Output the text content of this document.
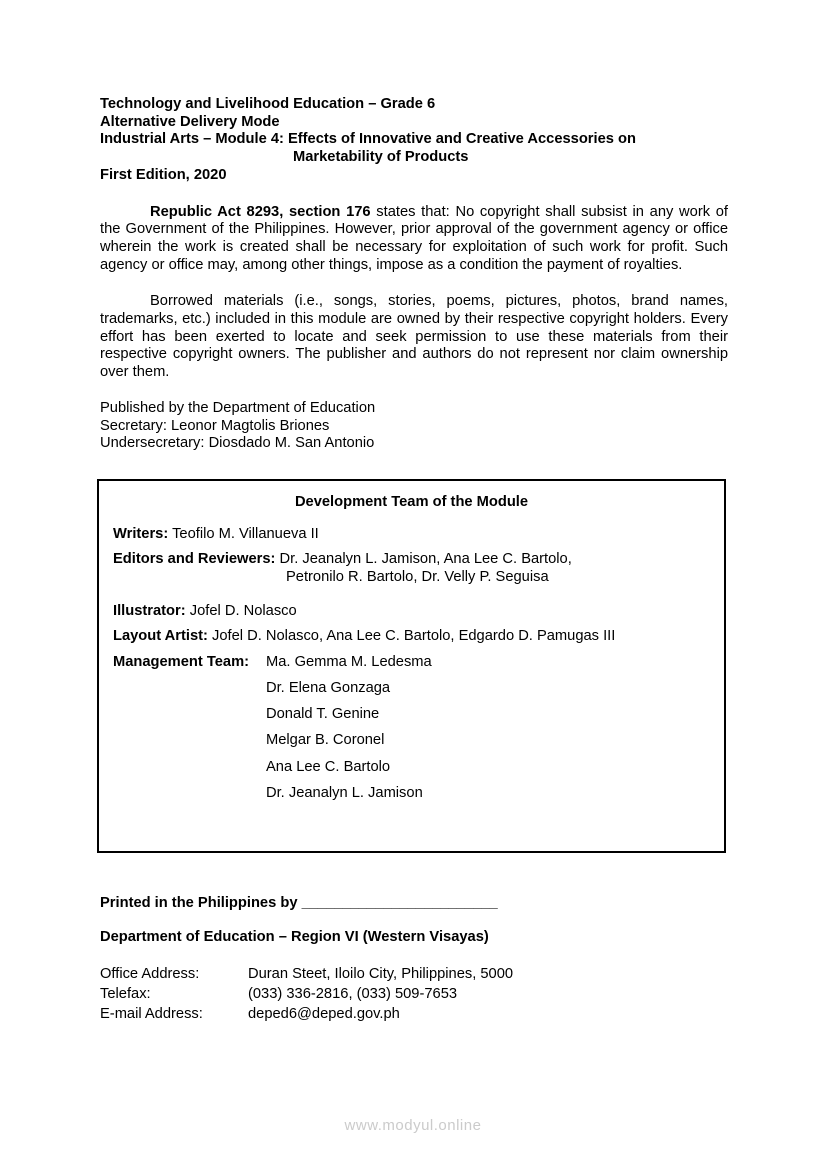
Technology and Livelihood Education – Grade 6
Alternative Delivery Mode
Industrial Arts – Module 4: Effects of Innovative and Creative Accessories on
Marketability of Products
First Edition, 2020

Republic Act 8293, section 176 states that: No copyright shall subsist in any work of the Government of the Philippines. However, prior approval of the government agency or office wherein the work is created shall be necessary for exploitation of such work for profit. Such agency or office may, among other things, impose as a condition the payment of royalties.

Borrowed materials (i.e., songs, stories, poems, pictures, photos, brand names, trademarks, etc.) included in this module are owned by their respective copyright holders. Every effort has been exerted to locate and seek permission to use these materials from their respective copyright owners. The publisher and authors do not represent nor claim ownership over them.

Published by the Department of Education
Secretary: Leonor Magtolis Briones
Undersecretary: Diosdado M. San Antonio
Development Team of the Module
Writers: Teofilo M. Villanueva II
Editors and Reviewers: Dr. Jeanalyn L. Jamison, Ana Lee C. Bartolo,
Petronilo R. Bartolo, Dr. Velly P. Seguisa
Illustrator: Jofel D. Nolasco
Layout Artist: Jofel D. Nolasco, Ana Lee C. Bartolo, Edgardo D. Pamugas III
Management Team:	Ma. Gemma M. Ledesma
Dr. Elena Gonzaga
Donald T. Genine
Melgar B. Coronel
Ana Lee C. Bartolo
Dr. Jeanalyn L. Jamison
Printed in the Philippines by ________________________
Department of Education – Region VI (Western Visayas)
Office Address:	Duran Steet, Iloilo City, Philippines, 5000
Telefax:	(033) 336-2816, (033) 509-7653
E-mail Address:	deped6@deped.gov.ph
www.modyul.online
